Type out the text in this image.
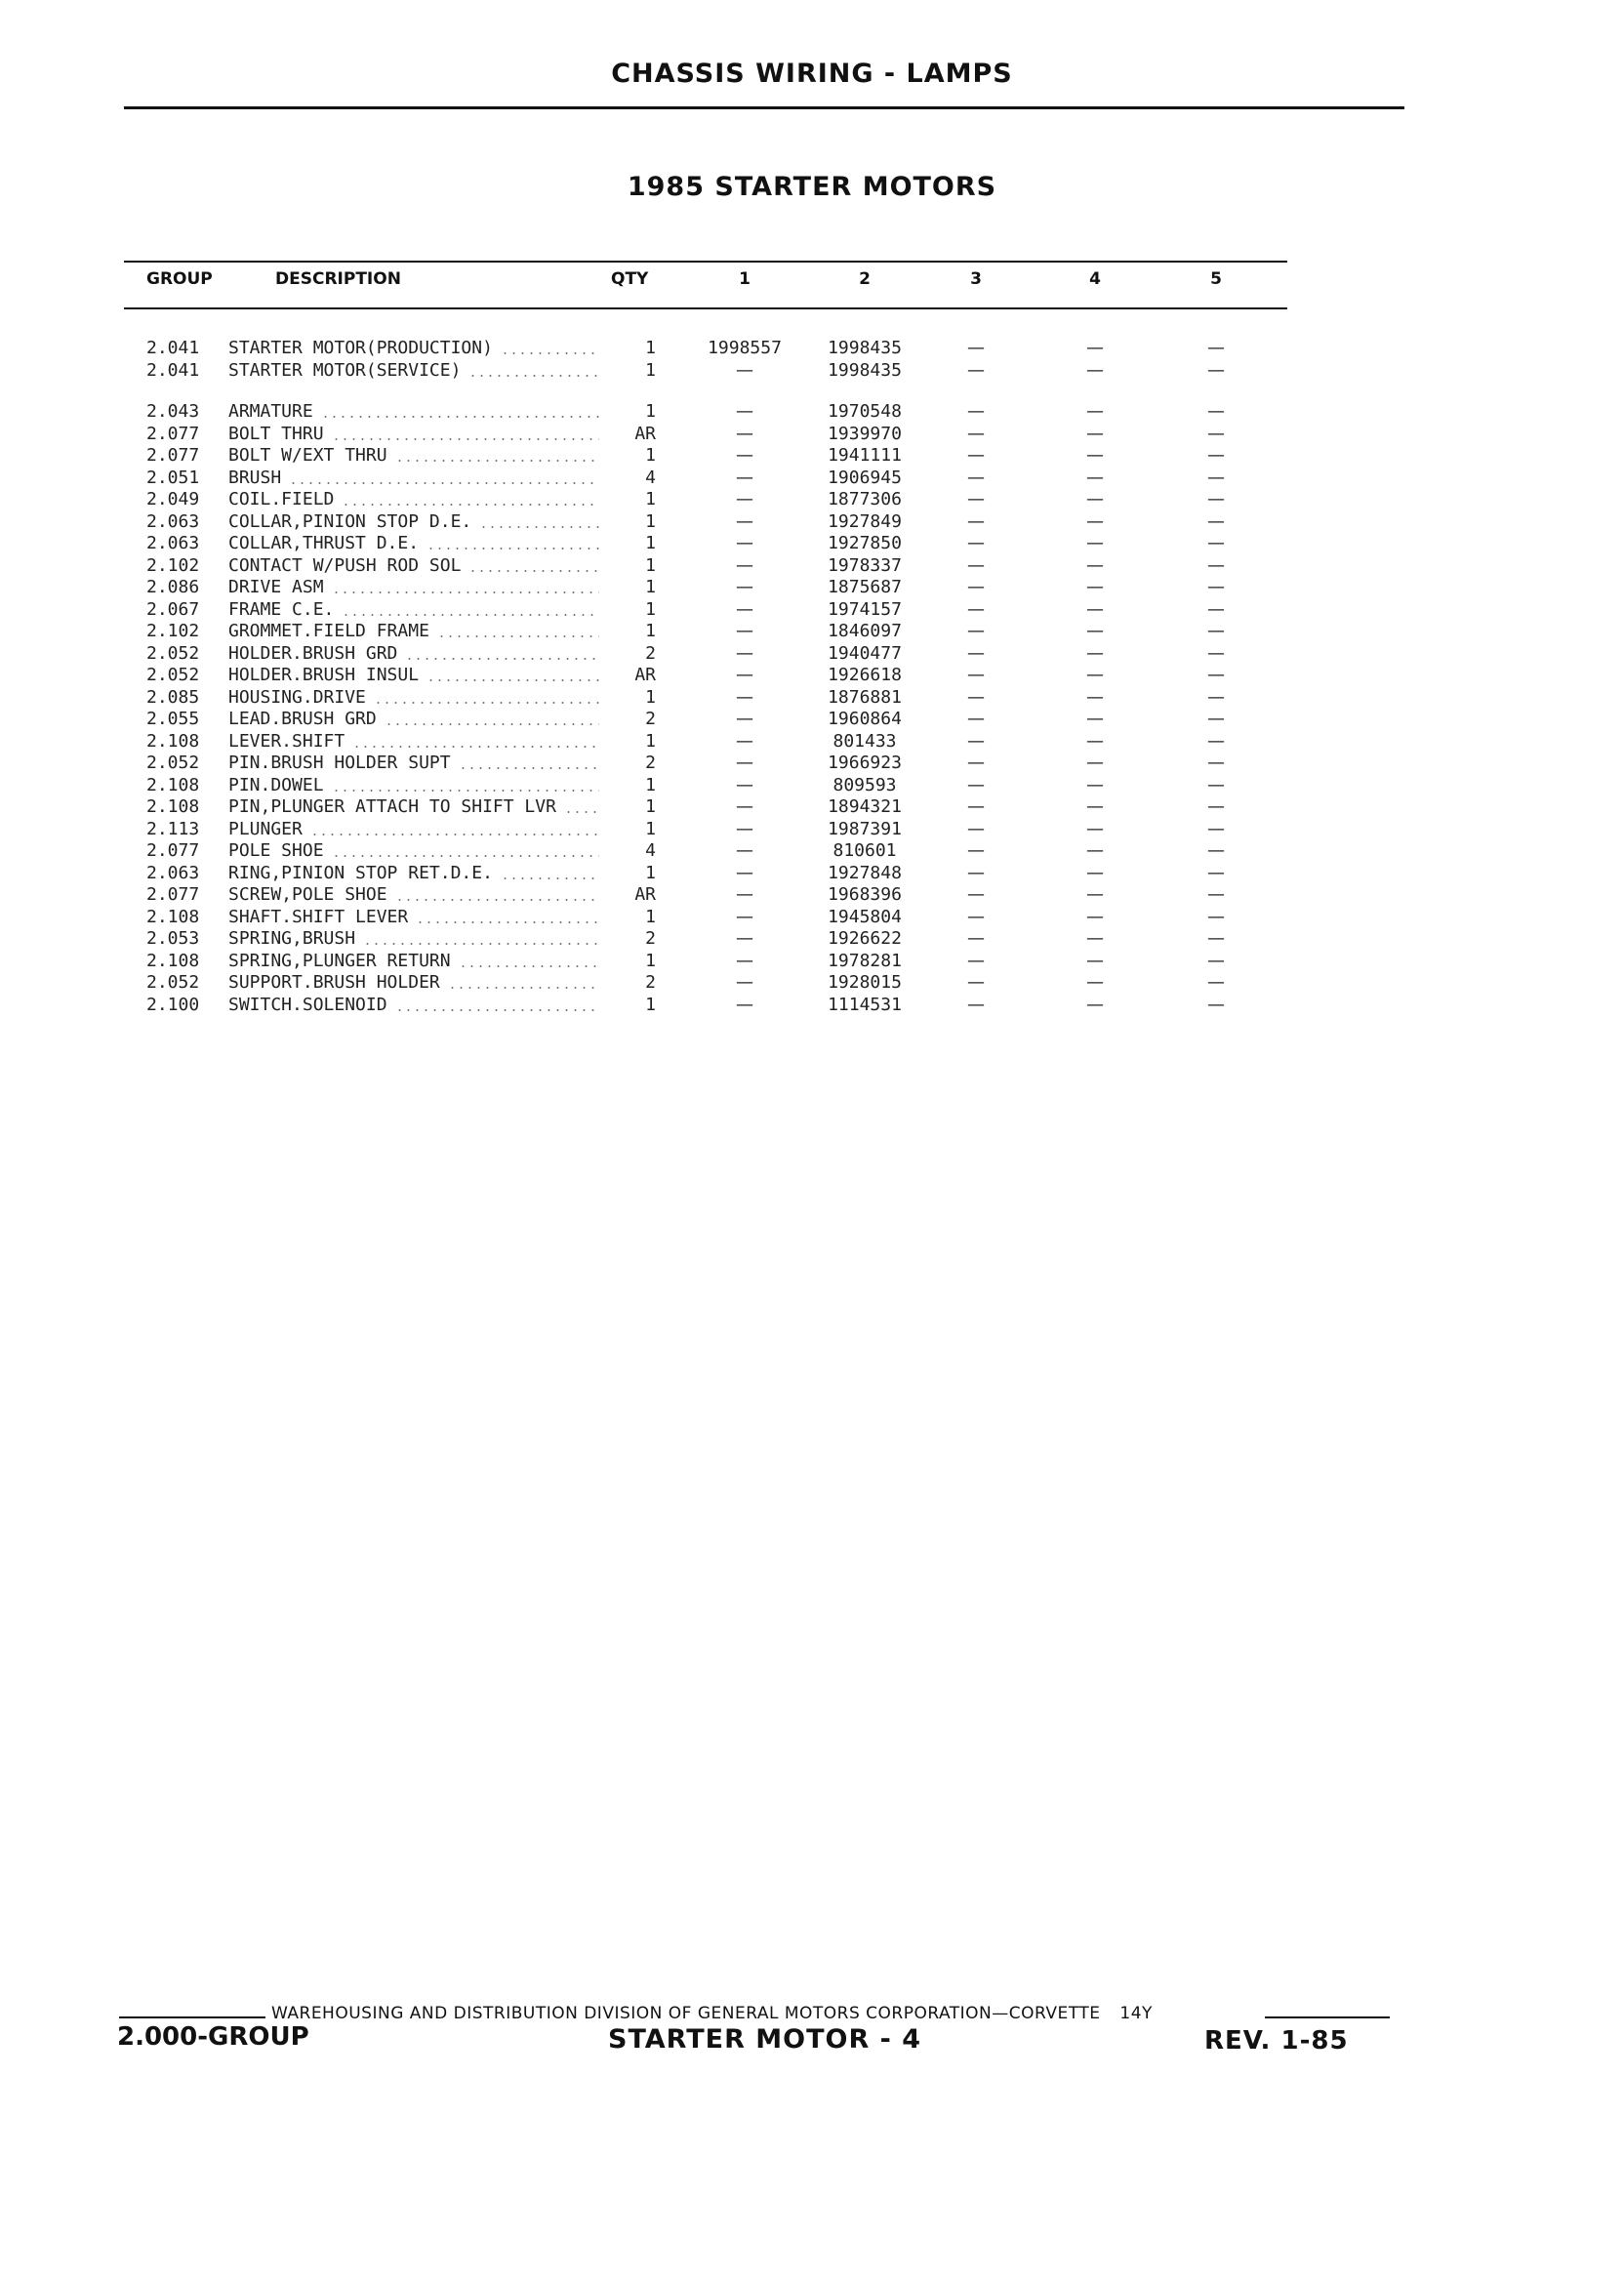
CHASSIS WIRING - LAMPS
1985 STARTER MOTORS
GROUP	DESCRIPTION	QTY	1	2	3	4	5
2.041 STARTER MOTOR(PRODUCTION)	1	1998557	1998435	—	—	—
2.041 STARTER MOTOR(SERVICE)	1	—	1998435	—	—	—
2.043 ARMATURE	1	—	1970548	—	—	—
2.077 BOLT THRU	AR	—	1939970	—	—	—
2.077 BOLT W/EXT THRU	1	—	1941111	—	—	—
2.051 BRUSH	4	—	1906945	—	—	—
2.049 COIL.FIELD	1	—	1877306	—	—	—
2.063 COLLAR,PINION STOP D.E.	1	—	1927849	—	—	—
2.063 COLLAR,THRUST D.E.	1	—	1927850	—	—	—
2.102 CONTACT W/PUSH ROD SOL	1	—	1978337	—	—	—
2.086 DRIVE ASM	1	—	1875687	—	—	—
2.067 FRAME C.E.	1	—	1974157	—	—	—
2.102 GROMMET.FIELD FRAME	1	—	1846097	—	—	—
2.052 HOLDER.BRUSH GRD	2	—	1940477	—	—	—
2.052 HOLDER.BRUSH INSUL	AR	—	1926618	—	—	—
2.085 HOUSING.DRIVE	1	—	1876881	—	—	—
2.055 LEAD.BRUSH GRD	2	—	1960864	—	—	—
2.108 LEVER.SHIFT	1	—	801433	—	—	—
2.052 PIN.BRUSH HOLDER SUPT	2	—	1966923	—	—	—
2.108 PIN.DOWEL	1	—	809593	—	—	—
2.108 PIN,PLUNGER ATTACH TO SHIFT LVR	1	—	1894321	—	—	—
2.113 PLUNGER	1	—	1987391	—	—	—
2.077 POLE SHOE	4	—	810601	—	—	—
2.063 RING,PINION STOP RET.D.E.	1	—	1927848	—	—	—
2.077 SCREW,POLE SHOE	AR	—	1968396	—	—	—
2.108 SHAFT.SHIFT LEVER	1	—	1945804	—	—	—
2.053 SPRING,BRUSH	2	—	1926622	—	—	—
2.108 SPRING,PLUNGER RETURN	1	—	1978281	—	—	—
2.052 SUPPORT.BRUSH HOLDER	2	—	1928015	—	—	—
2.100 SWITCH.SOLENOID	1	—	1114531	—	—	—
WAREHOUSING AND DISTRIBUTION DIVISION OF GENERAL MOTORS CORPORATION—CORVETTE 14Y
2.000-GROUP	STARTER MOTOR - 4	REV. 1-85
